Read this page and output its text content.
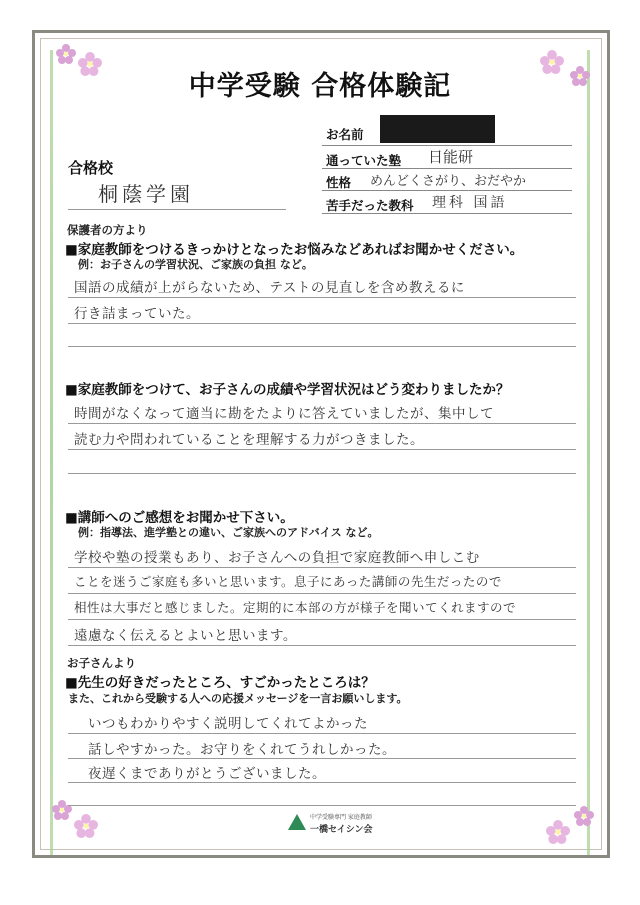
中学受験 合格体験記
お名前
通っていた塾 日能研
性格 めんどくさがり、おだやか
苦手だった教科 理科 国語
合格校
桐蔭学園
保護者の方より
■家庭教師をつけるきっかけとなったお悩みなどあればお聞かせください。
例：お子さんの学習状況、ご家族の負担 など。
国語の成績が上がらないため、テストの見直しを含め教えるに
行き詰まっていた。
■家庭教師をつけて、お子さんの成績や学習状況はどう変わりましたか？
時間がなくなって適当に勘をたよりに答えていましたが、集中して
読む力や問われていることを理解する力がつきました。
■講師へのご感想をお聞かせ下さい。
例：指導法、進学塾との違い、ご家族へのアドバイス など。
学校や塾の授業もあり、お子さんへの負担で家庭教師へ申しこむ
ことを迷うご家庭も多いと思います。息子にあった講師の先生だったので
相性は大事だと感じました。定期的に本部の方が様子を聞いてくれますので
遠慮なく伝えるとよいと思います。
お子さんより
■先生の好きだったところ、すごかったところは？
また、これから受験する人への応援メッセージを一言お願いします。
いつもわかりやすく説明してくれてよかった
話しやすかった。お守りをくれてうれしかった。
夜遅くまでありがとうございました。
中学受験専門 家庭教師
一橋セイシン会
